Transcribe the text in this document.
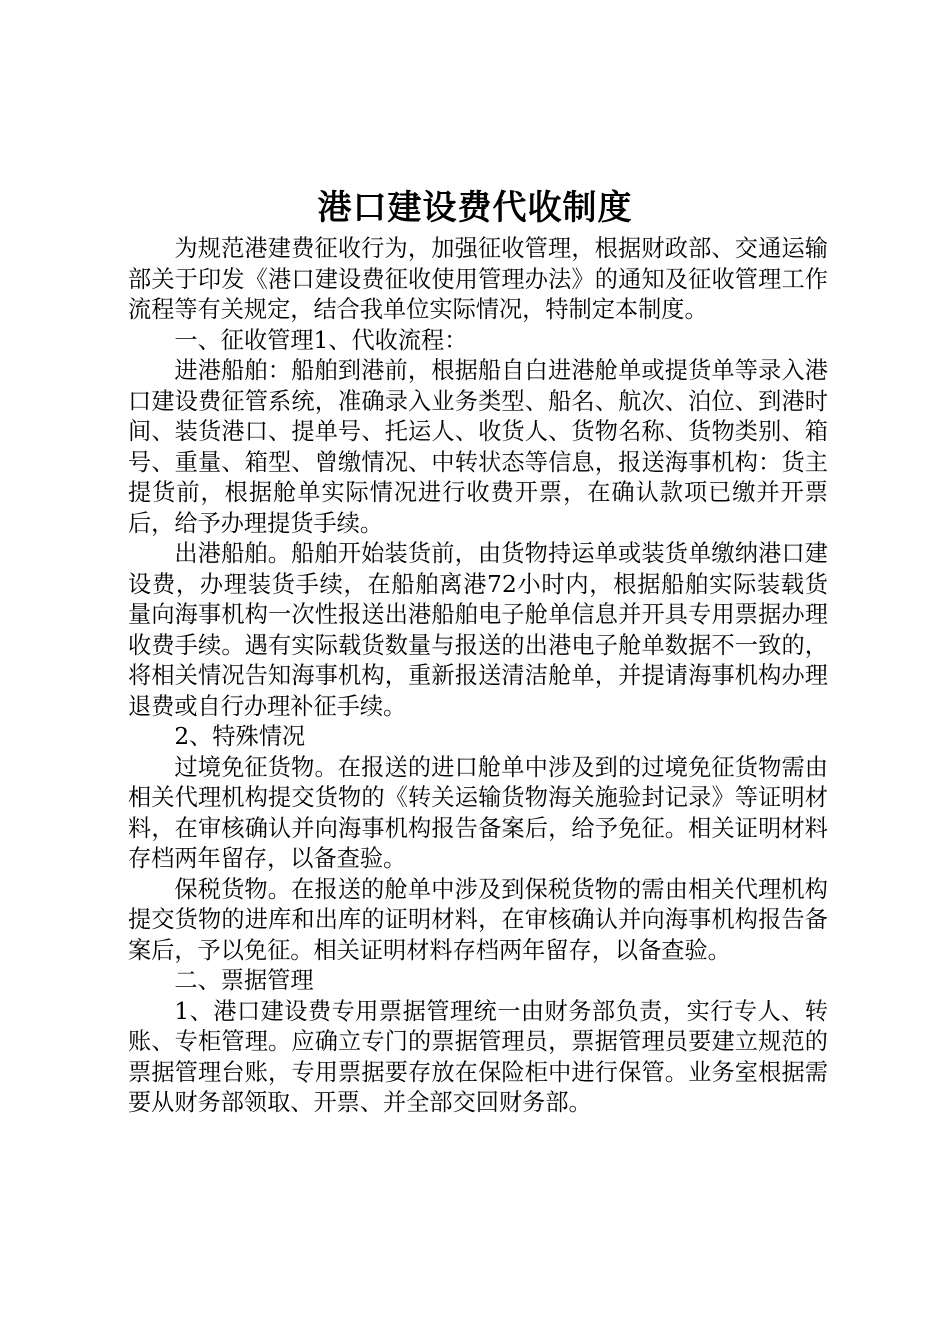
港口建设费代收制度

为规范港建费征收行为，加强征收管理，根据财政部、交通运输部关于印发《港口建设费征收使用管理办法》的通知及征收管理工作流程等有关规定，结合我单位实际情况，特制定本制度。

一、征收管理1、代收流程：

进港船舶：船舶到港前，根据船自白进港舱单或提货单等录入港口建设费征管系统，准确录入业务类型、船名、航次、泊位、到港时间、装货港口、提单号、托运人、收货人、货物名称、货物类别、箱号、重量、箱型、曾缴情况、中转状态等信息，报送海事机构：货主提货前，根据舱单实际情况进行收费开票，在确认款项已缴并开票后，给予办理提货手续。

出港船舶。船舶开始装货前，由货物持运单或装货单缴纳港口建设费，办理装货手续，在船舶离港72小时内，根据船舶实际装载货量向海事机构一次性报送出港船舶电子舱单信息并开具专用票据办理收费手续。遇有实际载货数量与报送的出港电子舱单数据不一致的，将相关情况告知海事机构，重新报送清洁舱单，并提请海事机构办理退费或自行办理补征手续。

2、特殊情况

过境免征货物。在报送的进口舱单中涉及到的过境免征货物需由相关代理机构提交货物的《转关运输货物海关施验封记录》等证明材料，在审核确认并向海事机构报告备案后，给予免征。相关证明材料存档两年留存，以备查验。

保税货物。在报送的舱单中涉及到保税货物的需由相关代理机构提交货物的进库和出库的证明材料，在审核确认并向海事机构报告备案后，予以免征。相关证明材料存档两年留存，以备查验。

二、票据管理

1、港口建设费专用票据管理统一由财务部负责，实行专人、转账、专柜管理。应确立专门的票据管理员，票据管理员要建立规范的票据管理台账，专用票据要存放在保险柜中进行保管。业务室根据需要从财务部领取、开票、并全部交回财务部。
